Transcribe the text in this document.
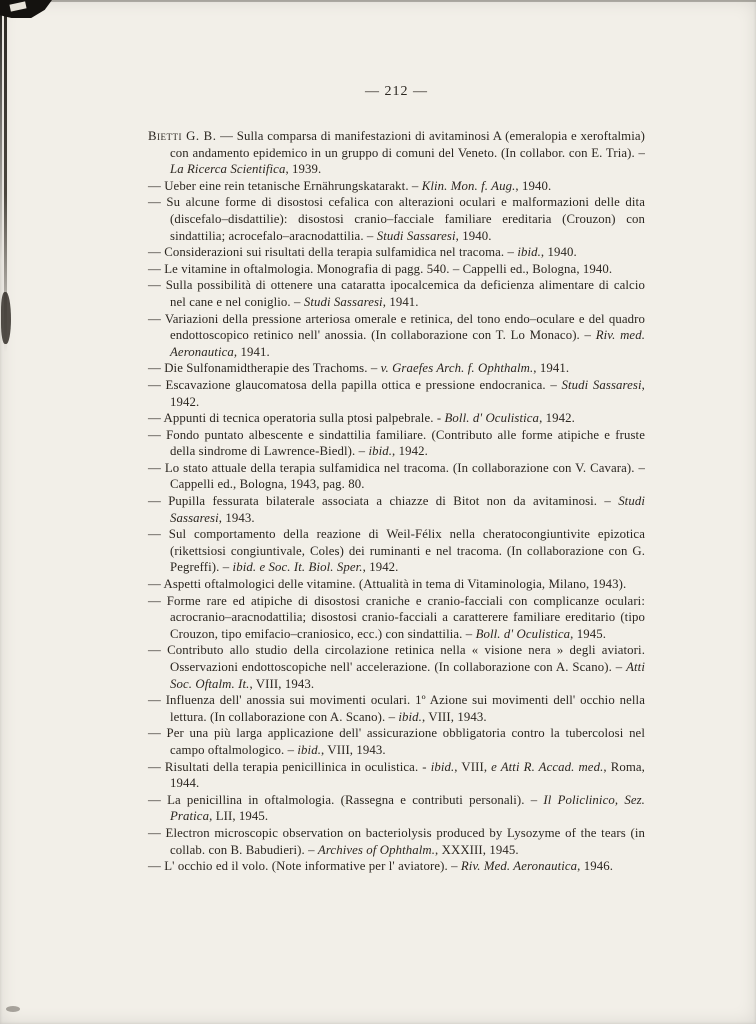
— 212 —

Bietti G. B. — Sulla comparsa di manifestazioni di avitaminosi A (emeralopia e xeroftalmia) con andamento epidemico in un gruppo di comuni del Veneto. (In collabor. con E. Tria). – La Ricerca Scientifica, 1939.

— Ueber eine rein tetanische Ernährungskatarakt. – Klin. Mon. f. Aug., 1940.

— Su alcune forme di disostosi cefalica con alterazioni oculari e malformazioni delle dita (discefalo–disdattilie): disostosi cranio–facciale familiare ereditaria (Crouzon) con sindattilia; acrocefalo–aracnodattilia. – Studi Sassaresi, 1940.

— Considerazioni sui risultati della terapia sulfamidica nel tracoma. – ibid., 1940.

— Le vitamine in oftalmologia. Monografia di pagg. 540. – Cappelli ed., Bologna, 1940.

— Sulla possibilità di ottenere una cataratta ipocalcemica da deficienza alimentare di calcio nel cane e nel coniglio. – Studi Sassaresi, 1941.

— Variazioni della pressione arteriosa omerale e retinica, del tono endo–oculare e del quadro endottoscopico retinico nell' anossia. (In collaborazione con T. Lo Monaco). – Riv. med. Aeronautica, 1941.

— Die Sulfonamidtherapie des Trachoms. – v. Graefes Arch. f. Ophthalm., 1941.

— Escavazione glaucomatosa della papilla ottica e pressione endocranica. – Studi Sassaresi, 1942.

— Appunti di tecnica operatoria sulla ptosi palpebrale. - Boll. d' Oculistica, 1942.

— Fondo puntato albescente e sindattilia familiare. (Contributo alle forme atipiche e fruste della sindrome di Lawrence-Biedl). – ibid., 1942.

— Lo stato attuale della terapia sulfamidica nel tracoma. (In collaborazione con V. Cavara). – Cappelli ed., Bologna, 1943, pag. 80.

— Pupilla fessurata bilaterale associata a chiazze di Bitot non da avitaminosi. – Studi Sassaresi, 1943.

— Sul comportamento della reazione di Weil-Félix nella cheratocongiuntivite epizotica (rikettsiosi congiuntivale, Coles) dei ruminanti e nel tracoma. (In collaborazione con G. Pegreffi). – ibid. e Soc. It. Biol. Sper., 1942.

— Aspetti oftalmologici delle vitamine. (Attualità in tema di Vitaminologia, Milano, 1943).

— Forme rare ed atipiche di disostosi craniche e cranio-facciali con complicanze oculari: acrocranio–aracnodattilia; disostosi cranio-facciali a caratterere familiare ereditario (tipo Crouzon, tipo emifacio–craniosico, ecc.) con sindattilia. – Boll. d' Oculistica, 1945.

— Contributo allo studio della circolazione retinica nella « visione nera » degli aviatori. Osservazioni endottoscopiche nell' accelerazione. (In collaborazione con A. Scano). – Atti Soc. Oftalm. It., VIII, 1943.

— Influenza dell' anossia sui movimenti oculari. 1º Azione sui movimenti dell' occhio nella lettura. (In collaborazione con A. Scano). – ibid., VIII, 1943.

— Per una più larga applicazione dell' assicurazione obbligatoria contro la tubercolosi nel campo oftalmologico. – ibid., VIII, 1943.

— Risultati della terapia penicillinica in oculistica. - ibid., VIII, e Atti R. Accad. med., Roma, 1944.

— La penicillina in oftalmologia. (Rassegna e contributi personali). – Il Policlinico, Sez. Pratica, LII, 1945.

— Electron microscopic observation on bacteriolysis produced by Lysozyme of the tears (in collab. con B. Babudieri). – Archives of Ophthalm., XXXIII, 1945.

— L' occhio ed il volo. (Note informative per l' aviatore). – Riv. Med. Aeronautica, 1946.
